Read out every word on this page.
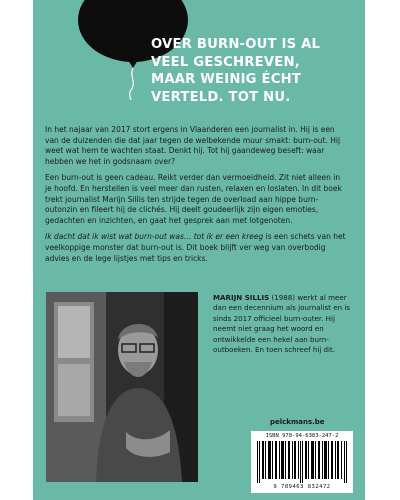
OVER BURN-OUT IS AL
VEEL GESCHREVEN,
MAAR WEINIG ÉCHT
VERTELD. TOT NU.

In het najaar van 2017 stort ergens in Vlaanderen een journalist in. Hij is een van de duizenden die dat jaar tegen de welbekende muur smakt: burn-out. Hij weet wat hem te wachten staat. Denkt hij. Tot hij gaandeweg beseft: waar hebben we het in godsnaam over?

Een burn-out is geen cadeau. Reikt verder dan vermoeidheid. Zit niet alleen in je hoofd. En herstellen is veel meer dan rusten, relaxen en loslaten. In dit boek trekt journalist Marijn Sillis ten strijde tegen de overload aan hippe burn-outonzin en fileert hij de clichés. Hij deelt goudeerlijk zijn eigen emoties, gedachten en inzichten, en gaat het gesprek aan met lotgenoten.

Ik dacht dat ik wist wat burn-out was… tot ik er een kreeg is een schets van het veelkoppige monster dat burn-out is. Dit boek blijft ver weg van overbodig advies en de lege lijstjes met tips en tricks.

MARIJN SILLIS (1988) werkt al meer dan een decennium als journalist en is sinds 2017 officieel burn-outer. Hij neemt niet graag het woord en ontwikkelde een hekel aan burn-outboeken. En toen schreef hij dit.
pelckmans.be
ISBN 978-94-6383-247-2
9 789463 832472
